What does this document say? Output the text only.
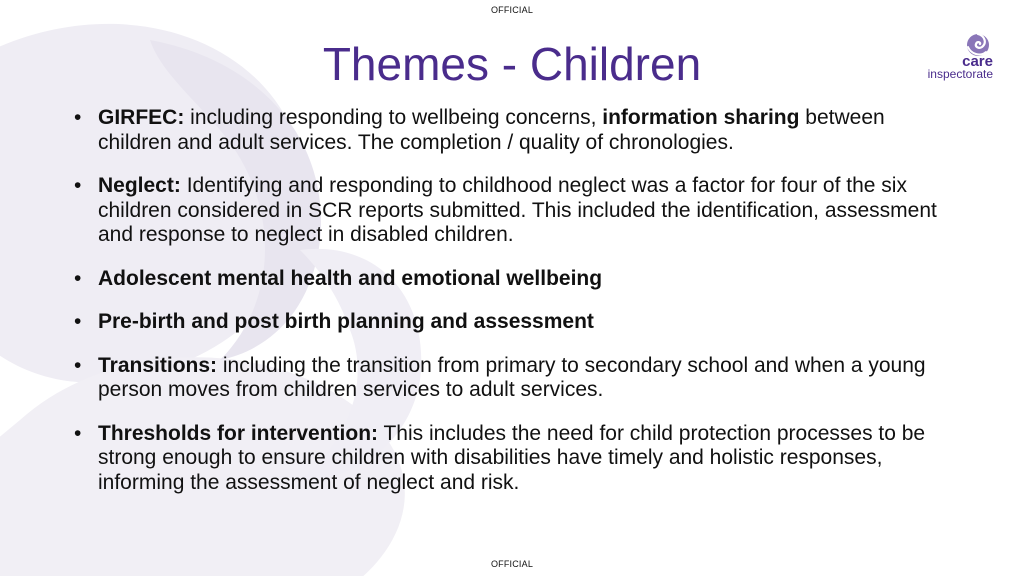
OFFICIAL
Themes - Children	care
inspectorate
• GIRFEC: including responding to wellbeing concerns, information sharing between children and adult services. The completion / quality of chronologies.
• Neglect: Identifying and responding to childhood neglect was a factor for four of the six children considered in SCR reports submitted. This included the identification, assessment and response to neglect in disabled children.
• Adolescent mental health and emotional wellbeing
• Pre-birth and post birth planning and assessment
• Transitions: including the transition from primary to secondary school and when a young person moves from children services to adult services.
• Thresholds for intervention: This includes the need for child protection processes to be strong enough to ensure children with disabilities have timely and holistic responses, informing the assessment of neglect and risk.
OFFICIAL
